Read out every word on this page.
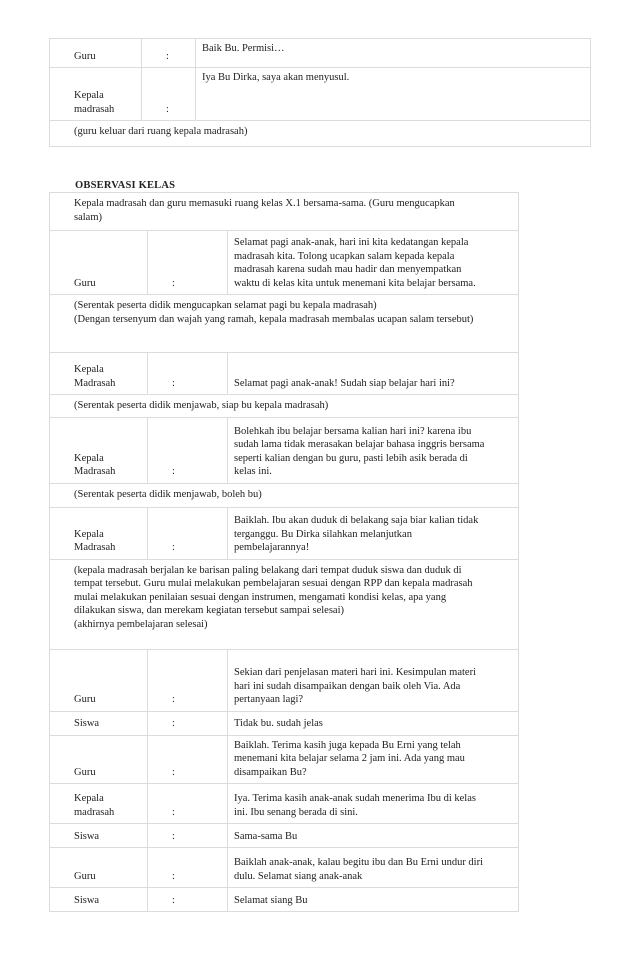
Guru	:	Baik Bu. Permisi…

Kepala
madrasah	:	Iya Bu Dirka, saya akan menyusul.

(guru keluar dari ruang kepala madrasah)		
OBSERVASI KELAS
Kepala madrasah dan guru memasuki ruang kelas X.1 bersama-sama. (Guru mengucapkan
salam)		

Guru	:	Selamat pagi anak-anak, hari ini kita kedatangan kepala
madrasah kita. Tolong ucapkan salam kepada kepala
madrasah karena sudah mau hadir dan menyempatkan
waktu di kelas kita untuk menemani kita belajar bersama.

(Serentak peserta didik mengucapkan selamat pagi bu kepala madrasah)
(Dengan tersenyum dan wajah yang ramah, kepala madrasah membalas ucapan salam tersebut)		

Kepala
Madrasah	:	Selamat pagi anak-anak! Sudah siap belajar hari ini?

(Serentak peserta didik menjawab, siap bu kepala madrasah)		

Kepala
Madrasah	:	Bolehkah ibu belajar bersama kalian hari ini? karena ibu
sudah lama tidak merasakan belajar bahasa inggris bersama
seperti kalian dengan bu guru, pasti lebih asik berada di
kelas ini.

(Serentak peserta didik menjawab, boleh bu)		

Kepala
Madrasah	:	Baiklah. Ibu akan duduk di belakang saja biar kalian tidak
terganggu. Bu Dirka silahkan melanjutkan
pembelajarannya!

(kepala madrasah berjalan ke barisan paling belakang dari tempat duduk siswa dan duduk di
tempat tersebut. Guru mulai melakukan pembelajaran sesuai dengan RPP dan kepala madrasah
mulai melakukan penilaian sesuai dengan instrumen, mengamati kondisi kelas, apa yang
dilakukan siswa, dan merekam kegiatan tersebut sampai selesai)
(akhirnya pembelajaran selesai)		

Guru	:	Sekian dari penjelasan materi hari ini. Kesimpulan materi
hari ini sudah disampaikan dengan baik oleh Via. Ada
pertanyaan lagi?

Siswa	:	Tidak bu. sudah jelas

Guru	:	Baiklah. Terima kasih juga kepada Bu Erni yang telah
menemani kita belajar selama 2 jam ini. Ada yang mau
disampaikan Bu?

Kepala
madrasah	:	Iya. Terima kasih anak-anak sudah menerima Ibu di kelas
ini. Ibu senang berada di sini.

Siswa	:	Sama-sama Bu

Guru	:	Baiklah anak-anak, kalau begitu ibu dan Bu Erni undur diri
dulu. Selamat siang anak-anak

Siswa	:	Selamat siang Bu
